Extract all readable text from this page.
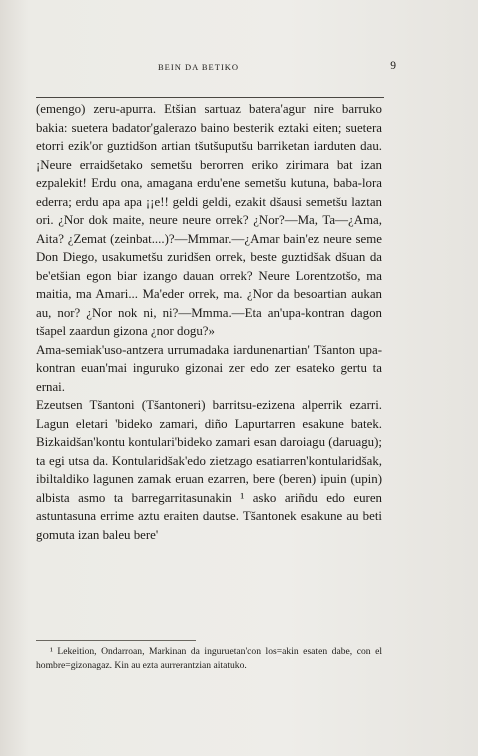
BEIN DA BETIKO	9

(emengo) zeru-apurra. Etšian sartuaz batera'agur nire barruko bakia: suetera badator'galerazo baino besterik eztaki eiten; suetera etorri ezik'or guztidšon artian tšutšuputšu barriketan iarduten dau. ¡Neure erraidšetako semetšu berorren eriko zirimara bat izan ezpalekit! Erdu ona, amagana erdu'ene semetšu kutuna, baba-lora ederra; erdu apa apa ¡¡e!! geldi geldi, ezakit dšausi semetšu laztan ori. ¿Nor dok maite, neure neure orrek? ¿Nor?—Ma, Ta—¿Ama, Aita? ¿Zemat (zeinbat....)?—Mmmar.—¿Amar bain'ez neure seme Don Diego, usakumetšu zuridšen orrek, beste guztidšak dšuan da be'etšian egon biar izango dauan orrek? Neure Lorentzotšo, ma maitia, ma Amari... Ma'eder orrek, ma. ¿Nor da besoartian aukan au, nor? ¿Nor nok ni, ni?—Mmma.—Eta an'upa-kontran dagon tšapel zaardun gizona ¿nor dogu?»

Ama-semiak'uso-antzera urrumadaka iardunenartian' Tšanton upa-kontran euan'mai inguruko gizonai zer edo zer esateko gertu ta ernai.

Ezeutsen Tšantoni (Tšantoneri) barritsu-ezizena alperrik ezarri. Lagun eletari 'bideko zamari, diño Lapurtarren esakune batek. Bizkaidšan'kontu kontulari'bideko zamari esan daroiagu (daruagu); ta egi utsa da. Kontularidšak'edo zietzago esatiarren'kontularidšak, ibiltaldiko lagunen zamak eruan ezarren, bere (beren) ipuin (upin) albista asmo ta barregarritasunakin ¹ asko ariñdu edo euren astuntasuna errime aztu eraiten dautse. Tšantonek esakune au beti gomuta izan baleu bere'

¹ Lekeition, Ondarroan, Markinan da inguruetan'con los=akin esaten dabe, con el hombre=gizonagaz. Kin au ezta aurrerantzian aitatuko.
